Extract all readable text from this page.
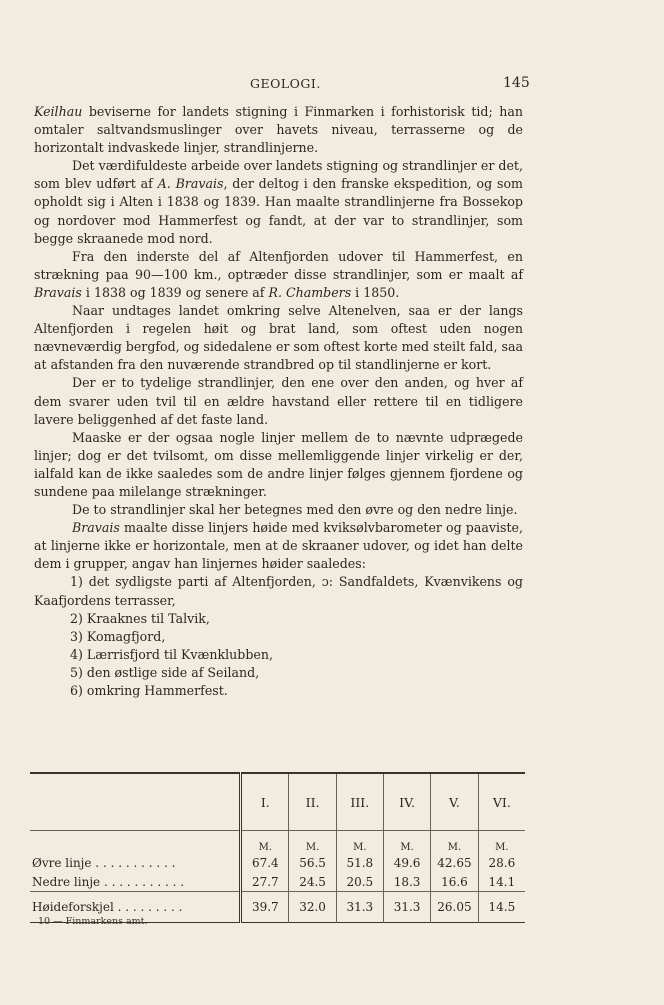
GEOLOGI.	145

Keilhau beviserne for landets stigning i Finmarken i forhistorisk tid; han omtaler saltvandsmuslinger over havets niveau, terrasserne og de horizontalt indvaskede linjer, strandlinjerne.

Det værdifuldeste arbeide over landets stigning og strandlinjer er det, som blev udført af A. Bravais, der deltog i den franske ekspedition, og som opholdt sig i Alten i 1838 og 1839. Han maalte strandlinjerne fra Bossekop og nordover mod Hammerfest og fandt, at der var to strandlinjer, som begge skraanede mod nord.

Fra den inderste del af Altenfjorden udover til Hammerfest, en strækning paa 90—100 km., optræder disse strandlinjer, som er maalt af Bravais i 1838 og 1839 og senere af R. Chambers i 1850.

Naar undtages landet omkring selve Altenelven, saa er der langs Altenfjorden i regelen høit og brat land, som oftest uden nogen nævneværdig bergfod, og sidedalene er som oftest korte med steilt fald, saa at afstanden fra den nuværende strandbred op til standlinjerne er kort.

Der er to tydelige strandlinjer, den ene over den anden, og hver af dem svarer uden tvil til en ældre havstand eller rettere til en tidligere lavere beliggenhed af det faste land.

Maaske er der ogsaa nogle linjer mellem de to nævnte udprægede linjer; dog er det tvilsomt, om disse mellemliggende linjer virkelig er der, ialfald kan de ikke saaledes som de andre linjer følges gjennem fjordene og sundene paa milelange strækninger.

De to strandlinjer skal her betegnes med den øvre og den nedre linje.

Bravais maalte disse linjers høide med kviksølvbarometer og paaviste, at linjerne ikke er horizontale, men at de skraaner udover, og idet han delte dem i grupper, angav han linjernes høider saaledes:

1) det sydligste parti af Altenfjorden, ɔ: Sandfaldets, Kvænvikens og Kaafjordens terrasser,

2) Kraaknes til Talvik,

3) Komagfjord,

4) Lærrisfjord til Kvænklubben,

5) den østlige side af Seiland,

6) omkring Hammerfest.

	I.	II.	III.	IV.	V.	VI.
	M.	M.	M.	M.	M.	M.
Øvre linje . . . . . . . . . . .	67.4	56.5	51.8	49.6	42.65	28.6
Nedre linje . . . . . . . . . . .	27.7	24.5	20.5	18.3	16.6	14.1
Høideforskjel . . . . . . . . .	39.7	32.0	31.3	31.3	26.05	14.5
10 — Finmarkens amt.
